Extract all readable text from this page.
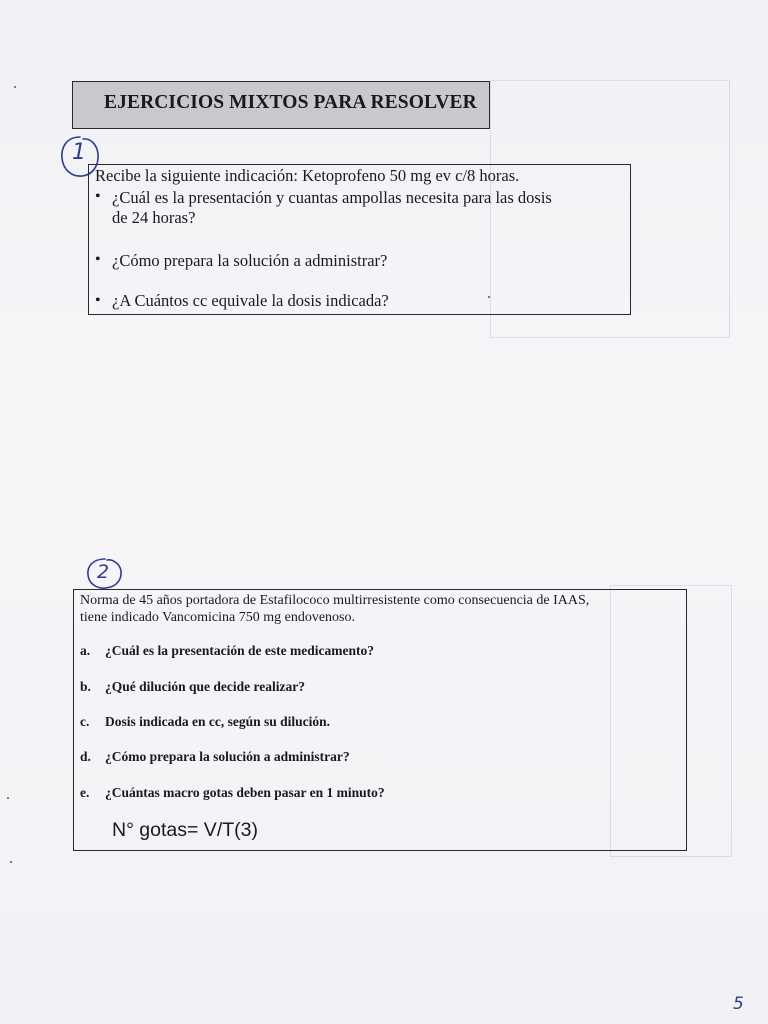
EJERCICIOS MIXTOS PARA RESOLVER
1
Recibe la siguiente indicación: Ketoprofeno 50 mg ev c/8 horas.
• ¿Cuál es la presentación y cuantas ampollas necesita para las dosis
de 24 horas?
• ¿Cómo prepara la solución a administrar?
• ¿A Cuántos cc equivale la dosis indicada?
2
Norma de 45 años portadora de Estafilococo multirresistente como consecuencia de IAAS,
tiene indicado Vancomicina 750 mg endovenoso.
a. ¿Cuál es la presentación de este medicamento?
b. ¿Qué dilución que decide realizar?
c. Dosis indicada en cc, según su dilución.
d. ¿Cómo prepara la solución a administrar?
e. ¿Cuántas macro gotas deben pasar en 1 minuto?
N° gotas= V/T(3)
5
